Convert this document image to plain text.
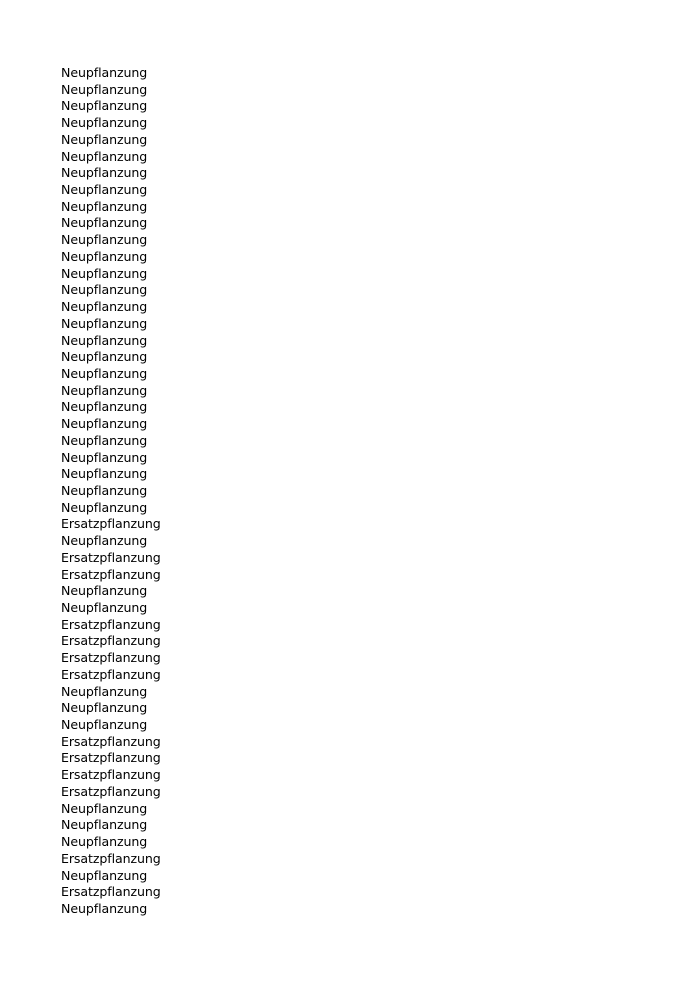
Neupflanzung
Neupflanzung
Neupflanzung
Neupflanzung
Neupflanzung
Neupflanzung
Neupflanzung
Neupflanzung
Neupflanzung
Neupflanzung
Neupflanzung
Neupflanzung
Neupflanzung
Neupflanzung
Neupflanzung
Neupflanzung
Neupflanzung
Neupflanzung
Neupflanzung
Neupflanzung
Neupflanzung
Neupflanzung
Neupflanzung
Neupflanzung
Neupflanzung
Neupflanzung
Neupflanzung
Ersatzpflanzung
Neupflanzung
Ersatzpflanzung
Ersatzpflanzung
Neupflanzung
Neupflanzung
Ersatzpflanzung
Ersatzpflanzung
Ersatzpflanzung
Ersatzpflanzung
Neupflanzung
Neupflanzung
Neupflanzung
Ersatzpflanzung
Ersatzpflanzung
Ersatzpflanzung
Ersatzpflanzung
Neupflanzung
Neupflanzung
Neupflanzung
Ersatzpflanzung
Neupflanzung
Ersatzpflanzung
Neupflanzung
